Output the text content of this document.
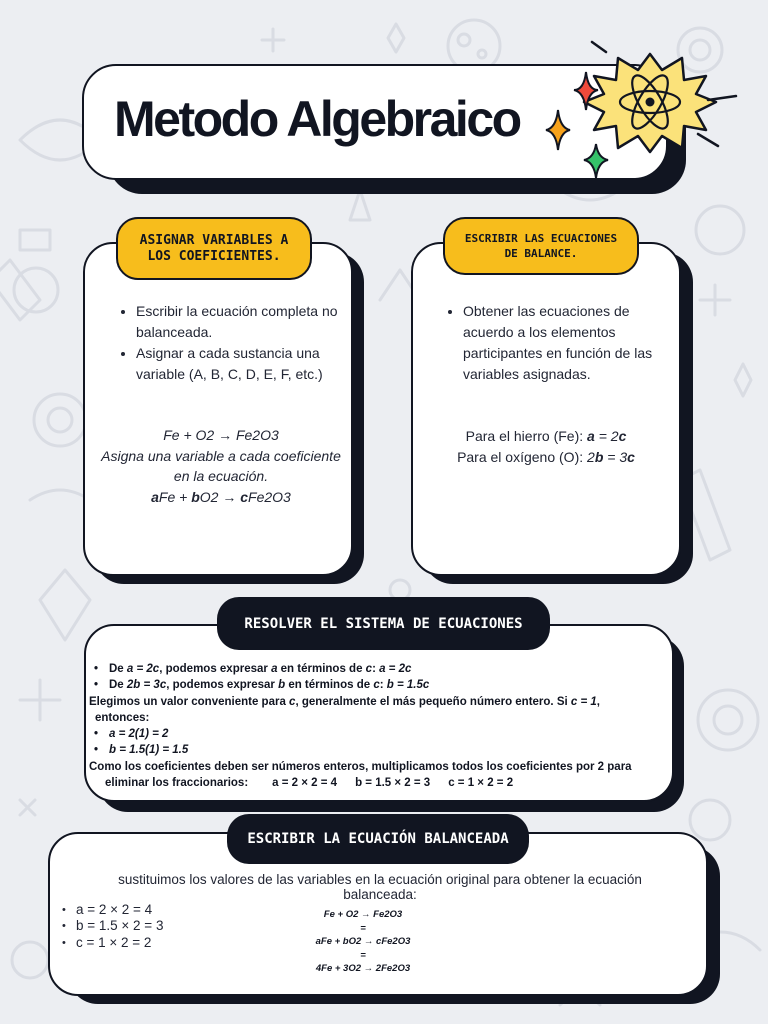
Metodo Algebraico
ASIGNAR VARIABLES A LOS COEFICIENTES.
• Escribir la ecuación completa no balanceada.
• Asignar a cada sustancia una variable (A, B, C, D, E, F, etc.)
Fe + O2 → Fe2O3
Asigna una variable a cada coeficiente en la ecuación.
aFe + bO2 → cFe2O3
ESCRIBIR LAS ECUACIONES DE BALANCE.
• Obtener las ecuaciones de acuerdo a los elementos participantes en función de las variables asignadas.
Para el hierro (Fe): a = 2c
Para el oxígeno (O): 2b = 3c
RESOLVER EL SISTEMA DE ECUACIONES
• De a = 2c, podemos expresar a en términos de c: a = 2c
• De 2b = 3c, podemos expresar b en términos de c: b = 1.5c
Elegimos un valor conveniente para c, generalmente el más pequeño número entero. Si c = 1,
entonces:
• a = 2(1) = 2
• b = 1.5(1) = 1.5
Como los coeficientes deben ser números enteros, multiplicamos todos los coeficientes por 2 para
eliminar los fraccionarios: a = 2 × 2 = 4 b = 1.5 × 2 = 3 c = 1 × 2 = 2
ESCRIBIR LA ECUACIÓN BALANCEADA
sustituimos los valores de las variables en la ecuación original para obtener la ecuación balanceada:
• a = 2 × 2 = 4
• b = 1.5 × 2 = 3
• c = 1 × 2 = 2
Fe + O2 → Fe2O3
=
aFe + bO2 → cFe2O3
=
4Fe + 3O2 → 2Fe2O3
